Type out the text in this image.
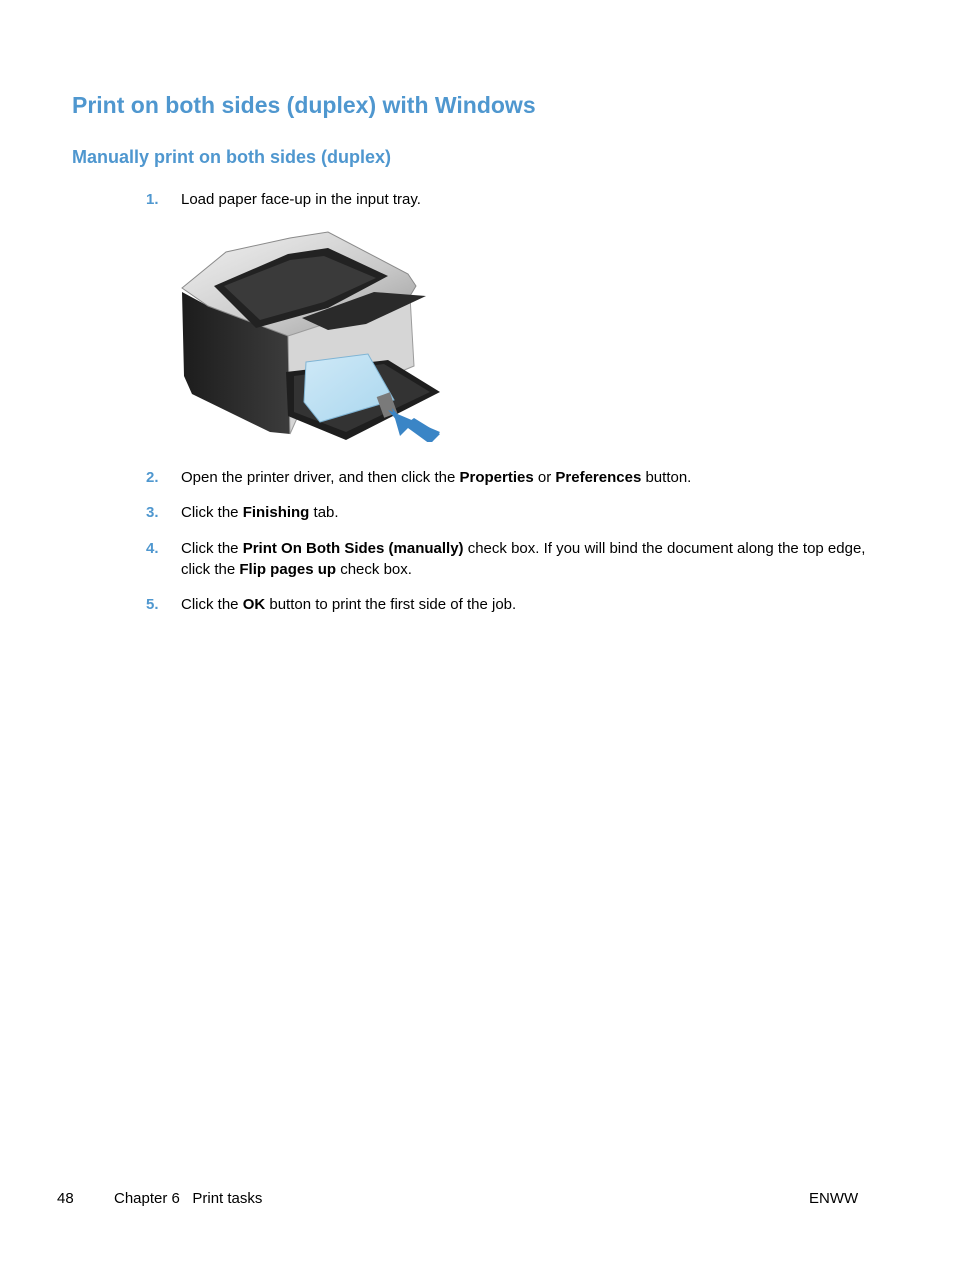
Print on both sides (duplex) with Windows
Manually print on both sides (duplex)
1. Load paper face-up in the input tray.
2. Open the printer driver, and then click the Properties or Preferences button.
3. Click the Finishing tab.
4. Click the Print On Both Sides (manually) check box. If you will bind the document along the top edge, click the Flip pages up check box.
5. Click the OK button to print the first side of the job.
48	Chapter 6   Print tasks	ENWW
